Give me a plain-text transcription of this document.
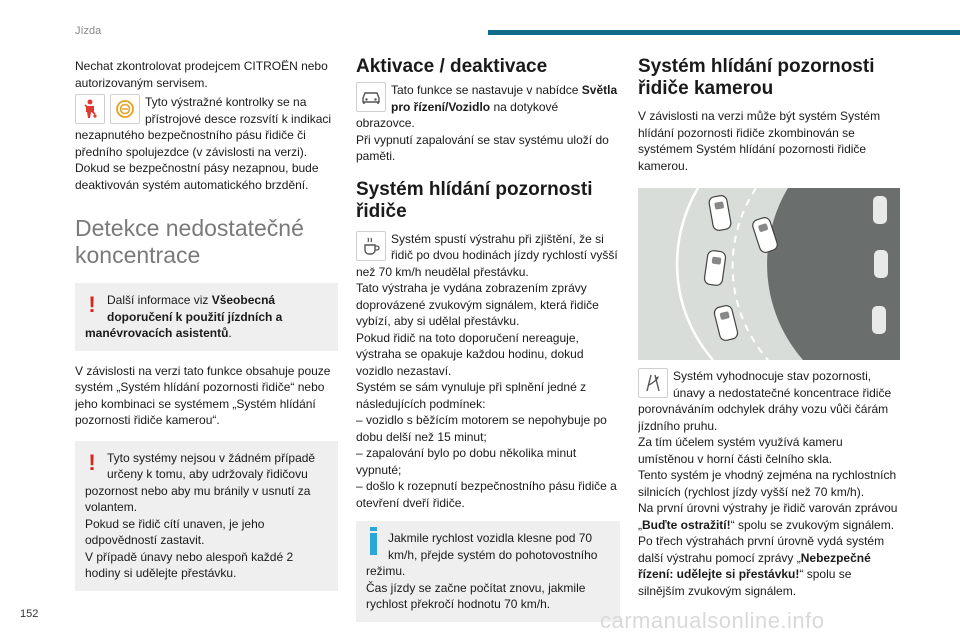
Jízda

Nechat zkontrolovat prodejcem CITROËN nebo autorizovaným servisem.

Tyto výstražné kontrolky se na přístrojové desce rozsvítí k indikaci nezapnutého bezpečnostního pásu řidiče či předního spolujezdce (v závislosti na verzi).

Dokud se bezpečnostní pásy nezapnou, bude deaktivován systém automatického brzdění.

Detekce nedostatečné koncentrace
! Další informace viz Všeobecná doporučení k použití jízdních a manévrovacích asistentů.

V závislosti na verzi tato funkce obsahuje pouze systém „Systém hlídání pozornosti řidiče“ nebo jeho kombinaci se systémem „Systém hlídání pozornosti řidiče kamerou“.

! Tyto systémy nejsou v žádném případě určeny k tomu, aby udržovaly řidičovu pozornost nebo aby mu bránily v usnutí za volantem.

Pokud se řidič cítí unaven, je jeho odpovědností zastavit.

V případě únavy nebo alespoň každé 2 hodiny si udělejte přestávku.

Aktivace / deaktivace
Tato funkce se nastavuje v nabídce Světla pro řízení/Vozidlo na dotykové obrazovce.

Při vypnutí zapalování se stav systému uloží do paměti.

Systém hlídání pozornosti řidiče
Systém spustí výstrahu při zjištění, že si řidič po dvou hodinách jízdy rychlostí vyšší než 70 km/h neudělal přestávku.

Tato výstraha je vydána zobrazením zprávy doprovázené zvukovým signálem, která řidiče vybízí, aby si udělal přestávku.

Pokud řidič na toto doporučení nereaguje, výstraha se opakuje každou hodinu, dokud vozidlo nezastaví.

Systém se sám vynuluje při splnění jedné z následujících podmínek:

– vozidlo s běžícím motorem se nepohybuje po dobu delší než 15 minut;

– zapalování bylo po dobu několika minut vypnuté;

– došlo k rozepnutí bezpečnostního pásu řidiče a otevření dveří řidiče.

Jakmile rychlost vozidla klesne pod 70 km/h, přejde systém do pohotovostního režimu.

Čas jízdy se začne počítat znovu, jakmile rychlost překročí hodnotu 70 km/h.

Systém hlídání pozornosti řidiče kamerou

V závislosti na verzi může být systém Systém hlídání pozornosti řidiče zkombinován se systémem Systém hlídání pozornosti řidiče kamerou.

Systém vyhodnocuje stav pozornosti, únavy a nedostatečné koncentrace řidiče porovnáváním odchylek dráhy vozu vůči čárám jízdního pruhu.

Za tím účelem systém využívá kameru umístěnou v horní části čelního skla.

Tento systém je vhodný zejména na rychlostních silnicích (rychlost jízdy vyšší než 70 km/h).

Na první úrovni výstrahy je řidič varován zprávou „Buďte ostražití!“ spolu se zvukovým signálem.

Po třech výstrahách první úrovně vydá systém další výstrahu pomocí zprávy „Nebezpečné řízení: udělejte si přestávku!“ spolu se silnějším zvukovým signálem.

152	carmanualsonline.info
